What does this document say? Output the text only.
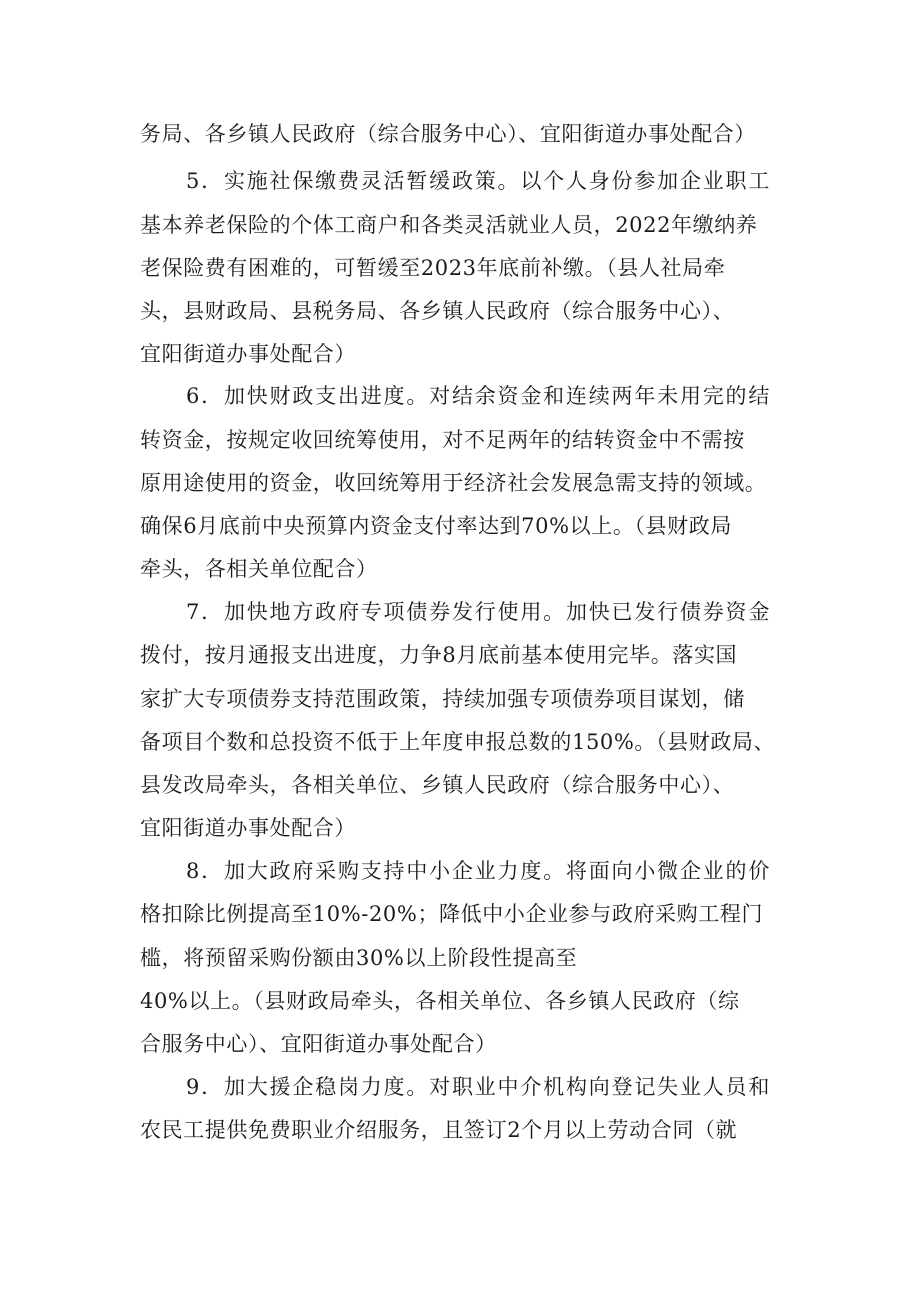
务局、各乡镇人民政府（综合服务中心）、宜阳街道办事处配合）
5．实施社保缴费灵活暂缓政策。以个人身份参加企业职工
基本养老保险的个体工商户和各类灵活就业人员，2022年缴纳养
老保险费有困难的，可暂缓至2023年底前补缴。（县人社局牵
头，县财政局、县税务局、各乡镇人民政府（综合服务中心）、
宜阳街道办事处配合）
6．加快财政支出进度。对结余资金和连续两年未用完的结
转资金，按规定收回统筹使用，对不足两年的结转资金中不需按
原用途使用的资金，收回统筹用于经济社会发展急需支持的领域。
确保6月底前中央预算内资金支付率达到70%以上。（县财政局
牵头，各相关单位配合）
7．加快地方政府专项债券发行使用。加快已发行债券资金
拨付，按月通报支出进度，力争8月底前基本使用完毕。落实国
家扩大专项债券支持范围政策，持续加强专项债券项目谋划，储
备项目个数和总投资不低于上年度申报总数的150%。（县财政局、
县发改局牵头，各相关单位、乡镇人民政府（综合服务中心）、
宜阳街道办事处配合）
8．加大政府采购支持中小企业力度。将面向小微企业的价
格扣除比例提高至10%-20%；降低中小企业参与政府采购工程门
槛，将预留采购份额由30%以上阶段性提高至
40%以上。（县财政局牵头，各相关单位、各乡镇人民政府（综
合服务中心）、宜阳街道办事处配合）
9．加大援企稳岗力度。对职业中介机构向登记失业人员和
农民工提供免费职业介绍服务，且签订2个月以上劳动合同（就
